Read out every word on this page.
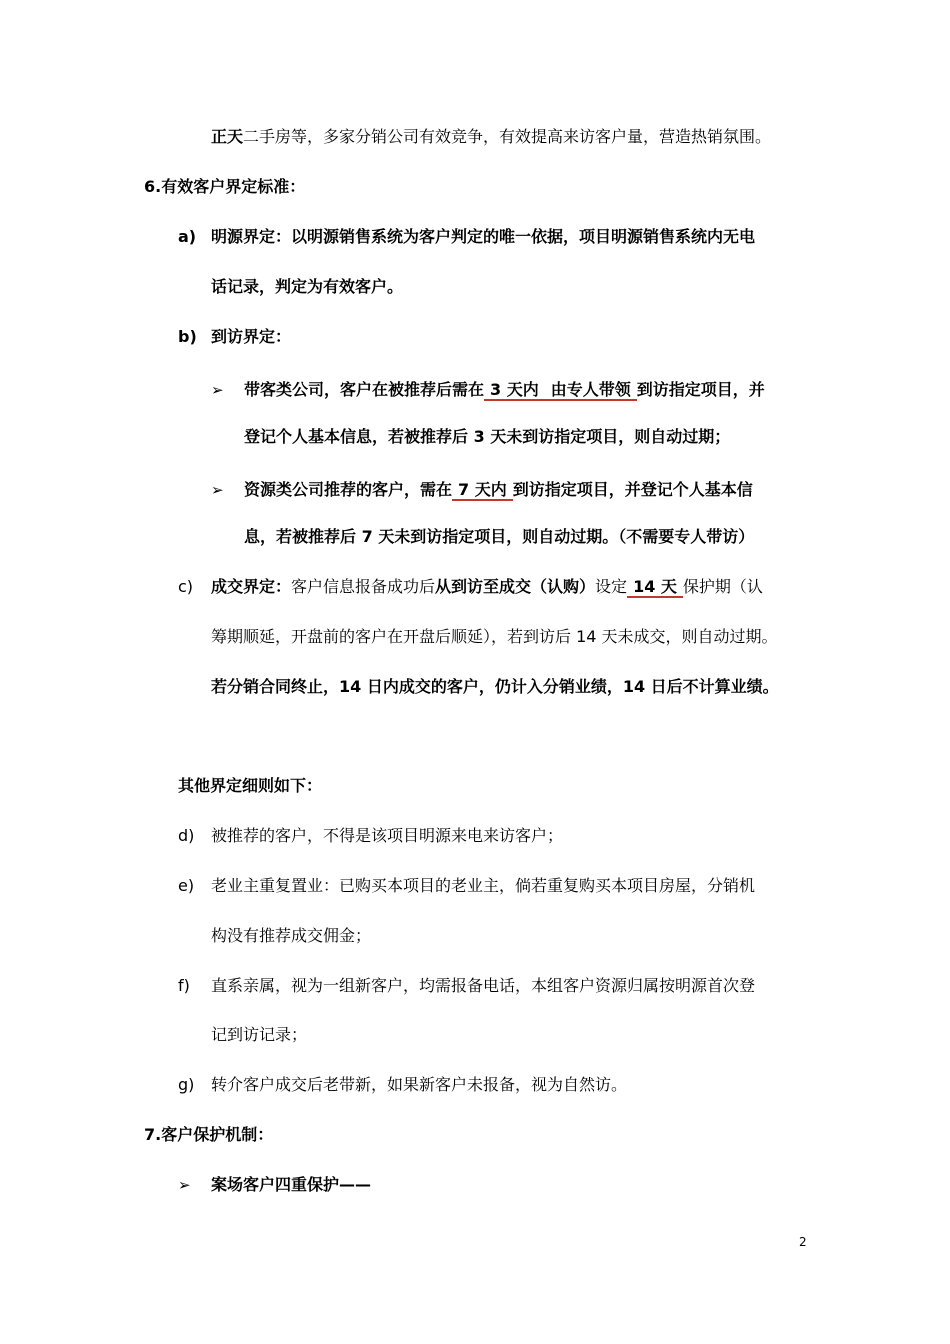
正天二手房等，多家分销公司有效竞争，有效提高来访客户量，营造热销氛围。
6.有效客户界定标准：
a) 明源界定：以明源销售系统为客户判定的唯一依据，项目明源销售系统内无电
话记录，判定为有效客户。
b) 到访界定：
➢ 带客类公司，客户在被推荐后需在 3 天内 由专人带领 到访指定项目，并
登记个人基本信息，若被推荐后 3 天未到访指定项目，则自动过期；
➢ 资源类公司推荐的客户，需在 7 天内 到访指定项目，并登记个人基本信
息，若被推荐后 7 天未到访指定项目，则自动过期。（不需要专人带访）
c) 成交界定：客户信息报备成功后从到访至成交（认购）设定 14 天 保护期（认
筹期顺延，开盘前的客户在开盘后顺延），若到访后 14 天未成交，则自动过期。
若分销合同终止，14 日内成交的客户，仍计入分销业绩，14 日后不计算业绩。
其他界定细则如下：
d) 被推荐的客户，不得是该项目明源来电来访客户；
e) 老业主重复置业：已购买本项目的老业主，倘若重复购买本项目房屋，分销机
构没有推荐成交佣金；
f) 直系亲属，视为一组新客户，均需报备电话，本组客户资源归属按明源首次登
记到访记录；
g) 转介客户成交后老带新，如果新客户未报备，视为自然访。
7.客户保护机制：
➢ 案场客户四重保护——
2
